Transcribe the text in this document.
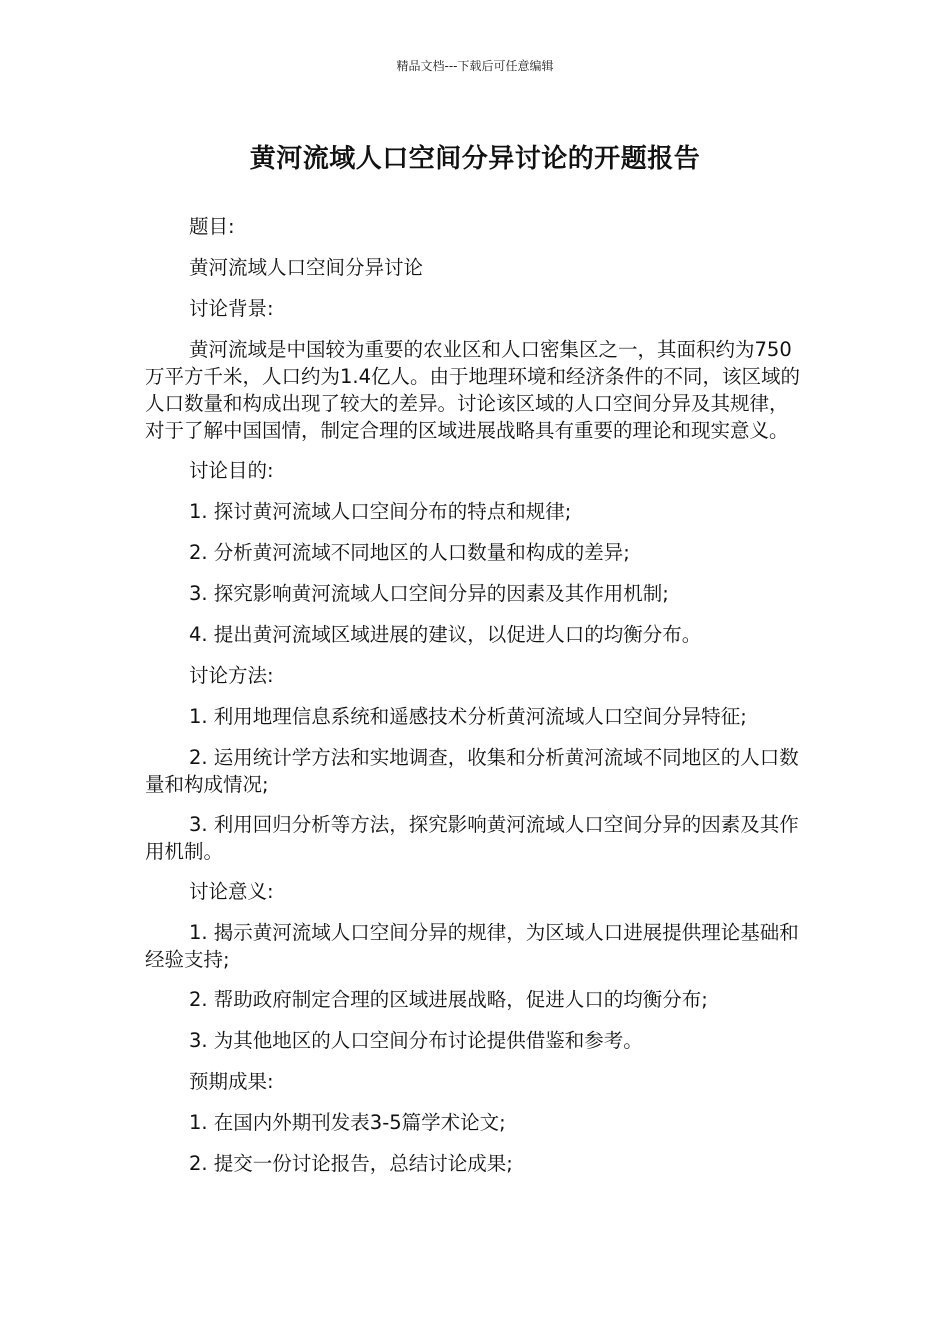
精品文档---下载后可任意编辑
黄河流域人口空间分异讨论的开题报告

题目:

黄河流域人口空间分异讨论

讨论背景:

黄河流域是中国较为重要的农业区和人口密集区之一，其面积约为750万平方千米，人口约为1.4亿人。由于地理环境和经济条件的不同，该区域的人口数量和构成出现了较大的差异。讨论该区域的人口空间分异及其规律，对于了解中国国情，制定合理的区域进展战略具有重要的理论和现实意义。

讨论目的:

1. 探讨黄河流域人口空间分布的特点和规律;

2. 分析黄河流域不同地区的人口数量和构成的差异;

3. 探究影响黄河流域人口空间分异的因素及其作用机制;

4. 提出黄河流域区域进展的建议，以促进人口的均衡分布。

讨论方法:

1. 利用地理信息系统和遥感技术分析黄河流域人口空间分异特征;

2. 运用统计学方法和实地调查，收集和分析黄河流域不同地区的人口数量和构成情况;

3. 利用回归分析等方法，探究影响黄河流域人口空间分异的因素及其作用机制。

讨论意义:

1. 揭示黄河流域人口空间分异的规律，为区域人口进展提供理论基础和经验支持;

2. 帮助政府制定合理的区域进展战略，促进人口的均衡分布;

3. 为其他地区的人口空间分布讨论提供借鉴和参考。

预期成果:

1. 在国内外期刊发表3-5篇学术论文;

2. 提交一份讨论报告，总结讨论成果;
